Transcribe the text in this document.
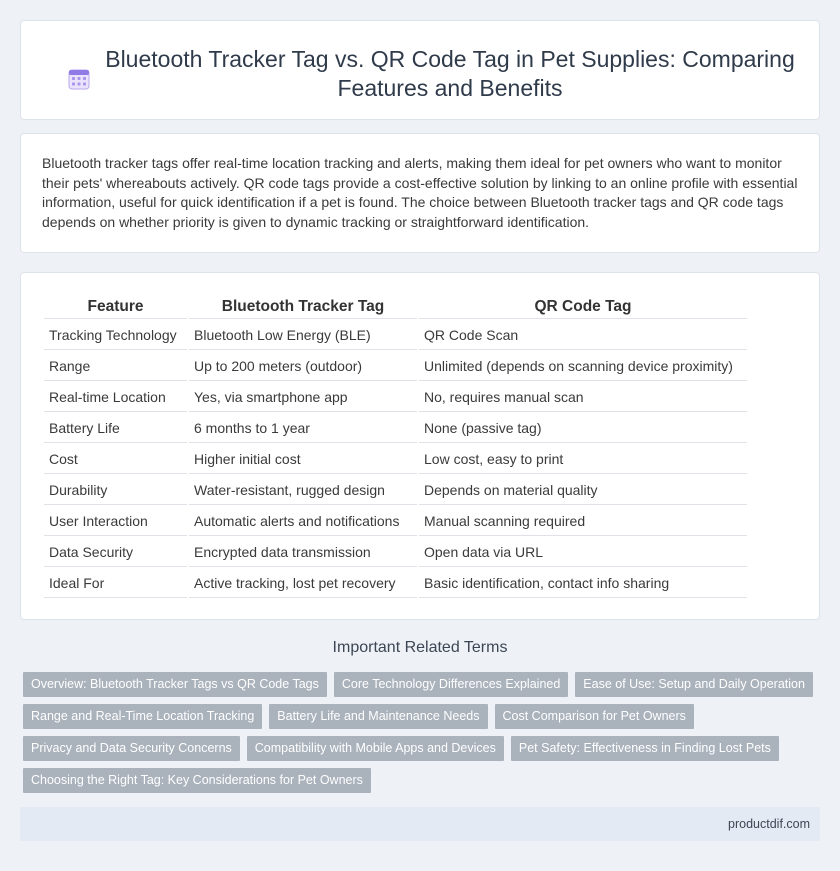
Bluetooth Tracker Tag vs. QR Code Tag in Pet Supplies: Comparing Features and Benefits

Bluetooth tracker tags offer real-time location tracking and alerts, making them ideal for pet owners who want to monitor their pets' whereabouts actively. QR code tags provide a cost-effective solution by linking to an online profile with essential information, useful for quick identification if a pet is found. The choice between Bluetooth tracker tags and QR code tags depends on whether priority is given to dynamic tracking or straightforward identification.

Feature	Bluetooth Tracker Tag	QR Code Tag
Tracking Technology	Bluetooth Low Energy (BLE)	QR Code Scan
Range	Up to 200 meters (outdoor)	Unlimited (depends on scanning device proximity)
Real-time Location	Yes, via smartphone app	No, requires manual scan
Battery Life	6 months to 1 year	None (passive tag)
Cost	Higher initial cost	Low cost, easy to print
Durability	Water-resistant, rugged design	Depends on material quality
User Interaction	Automatic alerts and notifications	Manual scanning required
Data Security	Encrypted data transmission	Open data via URL
Ideal For	Active tracking, lost pet recovery	Basic identification, contact info sharing
Important Related Terms
Overview: Bluetooth Tracker Tags vs QR Code Tags	Core Technology Differences Explained	Ease of Use: Setup and Daily Operation
Range and Real-Time Location Tracking	Battery Life and Maintenance Needs	Cost Comparison for Pet Owners
Privacy and Data Security Concerns	Compatibility with Mobile Apps and Devices	Pet Safety: Effectiveness in Finding Lost Pets
Choosing the Right Tag: Key Considerations for Pet Owners
productdif.com
